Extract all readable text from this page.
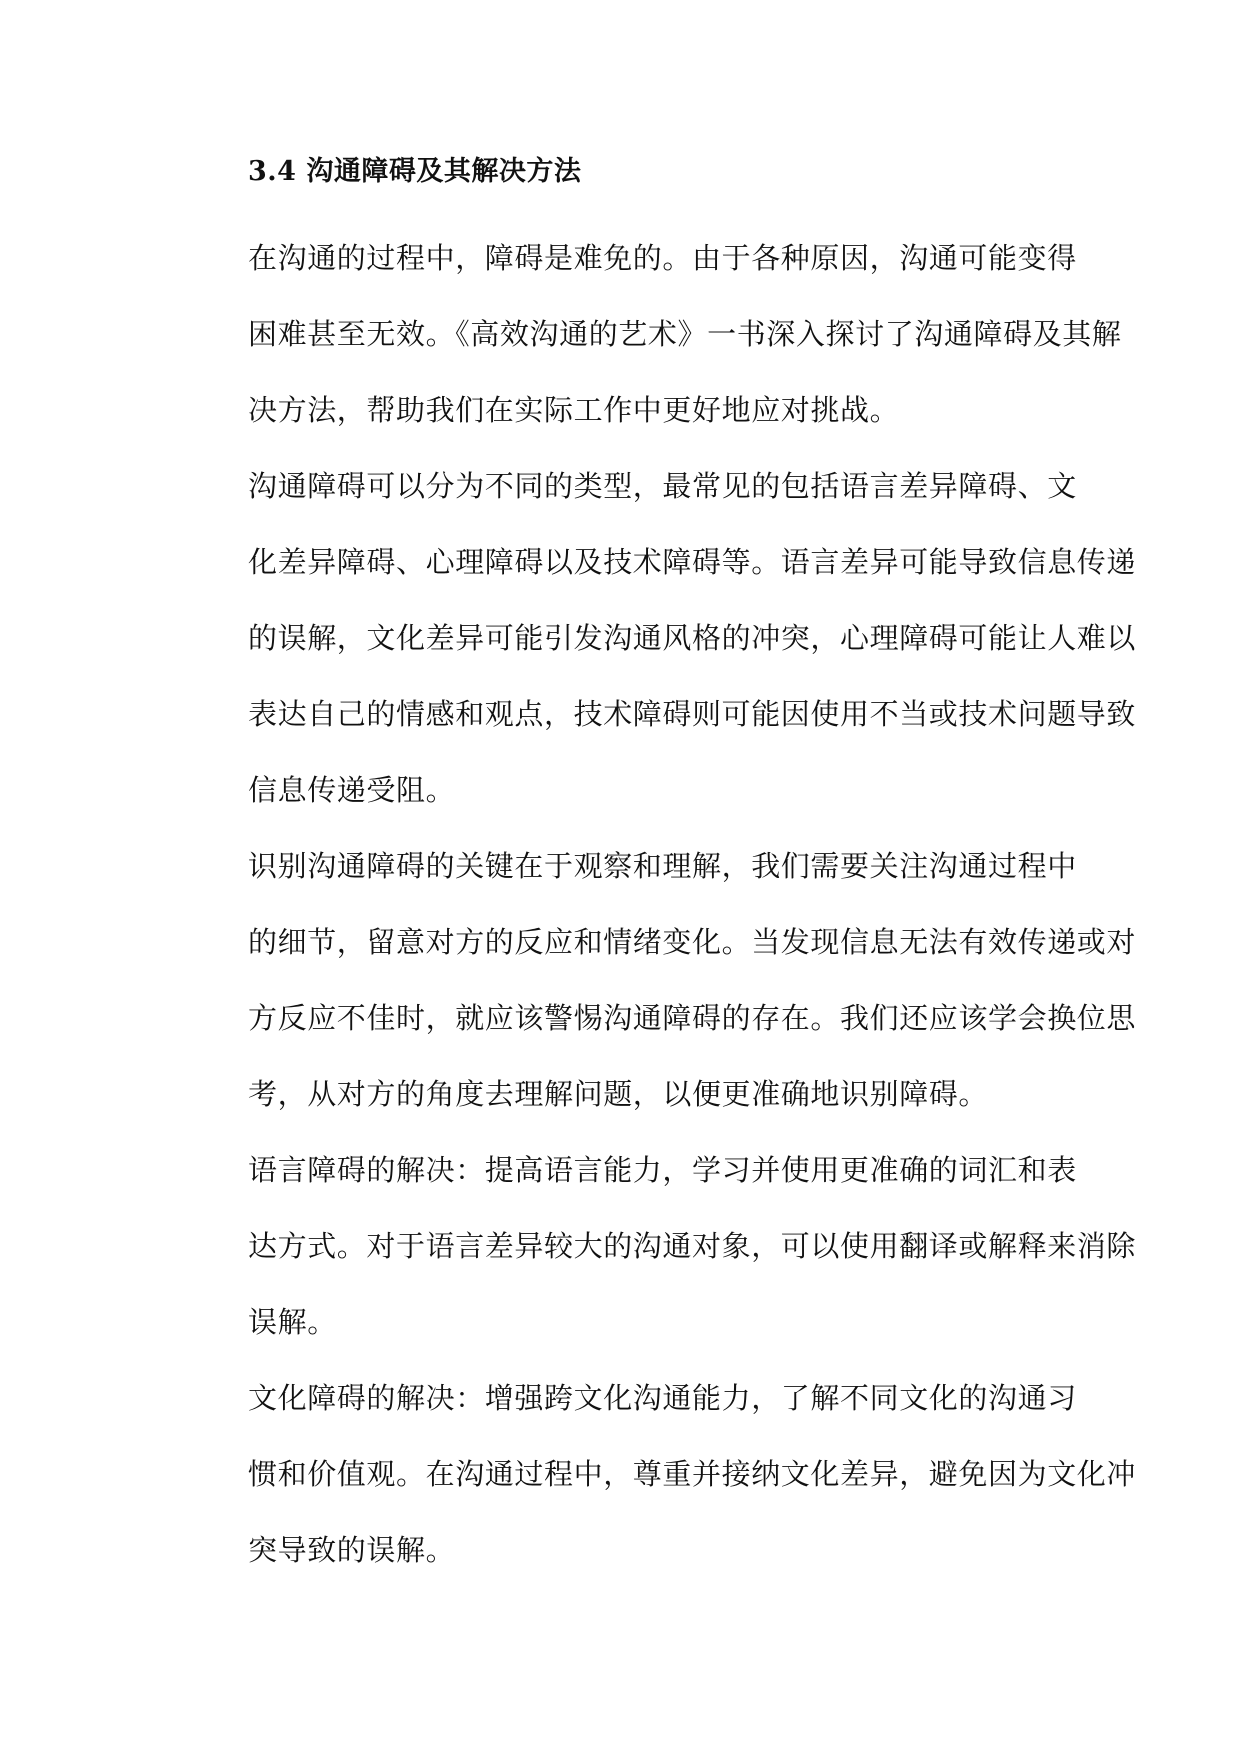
3.4 沟通障碍及其解决方法

在沟通的过程中，障碍是难免的。由于各种原因，沟通可能变得
困难甚至无效。《高效沟通的艺术》一书深入探讨了沟通障碍及其解
决方法，帮助我们在实际工作中更好地应对挑战。

沟通障碍可以分为不同的类型，最常见的包括语言差异障碍、文
化差异障碍、心理障碍以及技术障碍等。语言差异可能导致信息传递
的误解，文化差异可能引发沟通风格的冲突，心理障碍可能让人难以
表达自己的情感和观点，技术障碍则可能因使用不当或技术问题导致
信息传递受阻。

识别沟通障碍的关键在于观察和理解，我们需要关注沟通过程中
的细节，留意对方的反应和情绪变化。当发现信息无法有效传递或对
方反应不佳时，就应该警惕沟通障碍的存在。我们还应该学会换位思
考，从对方的角度去理解问题，以便更准确地识别障碍。

语言障碍的解决：提高语言能力，学习并使用更准确的词汇和表
达方式。对于语言差异较大的沟通对象，可以使用翻译或解释来消除
误解。

文化障碍的解决：增强跨文化沟通能力，了解不同文化的沟通习
惯和价值观。在沟通过程中，尊重并接纳文化差异，避免因为文化冲
突导致的误解。
